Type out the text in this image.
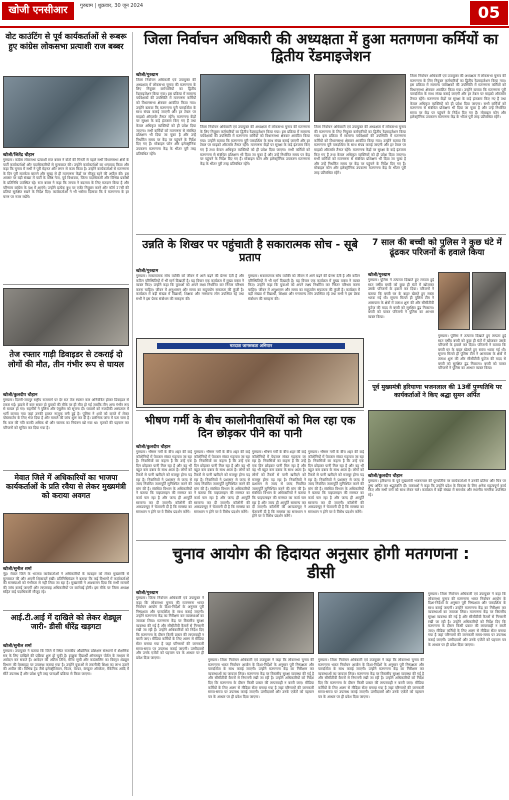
खोजी एनसीआर	गुरुग्राम | शुक्रवार, 30 जून 2024	05
वोट काउंटिंग से पूर्व कार्यकर्ताओं से रूबरू हुए कांग्रेस लोकसभा प्रत्याशी राज बब्बर
खोजी/जितेंद्र चौहान
गुरुग्राम। कांग्रेस लोकसभा प्रत्याशी राज बब्बर ने वोटों की गिनती से पहले सभी विधानसभा क्षेत्रों के पार्टी कार्यकर्ताओं और पदाधिकारियों से मुलाकात की। उन्होंने कार्यकर्ताओं का धन्यवाद किया और कहा कि चुनाव में सभी ने पूरी मेहनत और लगन से काम किया है। उन्होंने कार्यकर्ताओं से मतगणना के दिन पूरी सतर्कता बरतने और सुबह से ही मतगणना केंद्रों पर मौजूद रहने की अपील की। इस अवसर पर बड़ी संख्या में पार्टी के वरिष्ठ नेता, पूर्व विधायक, जिला पदाधिकारी और विभिन्न प्रकोष्ठों के प्रतिनिधि उपस्थित रहे। राज बब्बर ने कहा कि जनता ने बदलाव के लिए मतदान किया है और परिणाम कांग्रेस के पक्ष में आएंगे। उन्होंने प्रत्येक बूथ पर एजेंट नियुक्त करने और फॉर्म 17सी की प्रतियां सुरक्षित रखने के निर्देश दिए। कार्यकर्ताओं ने भी भरोसा दिलाया कि वे मतगणना के हर चरण पर नजर रखेंगे।
तेज रफ्तार गाड़ी डिवाइडर से टकराई दो लोगों की मौत, तीन गंभीर रूप से घायल
खोजी/कुलदीप चौहान
गुरुग्राम। दिल्ली-जयपुर राष्ट्रीय राजमार्ग पर देर रात तेज रफ्तार कार अनियंत्रित होकर डिवाइडर से टकरा गई। हादसे में कार सवार दो युवकों की मौके पर ही मौत हो गई जबकि तीन अन्य गंभीर रूप से घायल हो गए। राहगीरों ने पुलिस और एंबुलेंस को सूचना दी। घायलों को नजदीकी अस्पताल में भर्ती कराया गया जहां उनकी हालत नाजुक बनी हुई है। पुलिस ने शवों को कब्जे में लेकर पोस्टमार्टम के लिए भेज दिया है और मामले की जांच शुरू कर दी है। प्रारंभिक जांच में पता चला है कि कार की गति काफी अधिक थी और चालक का नियंत्रण खो गया था। मृतकों की पहचान कर परिजनों को सूचित कर दिया गया है।
मेवात जिले में अधिकारियों का भाजपा कार्यकर्ताओं के प्रति रवैया से लेकर मुख्यमंत्री को कराया अवगत
खोजी/सुनील शर्मा
नूंह। मेवात जिले के भाजपा कार्यकर्ताओं ने अधिकारियों के व्यवहार को लेकर मुख्यमंत्री से मुलाकात की और अपनी शिकायतें रखीं। प्रतिनिधिमंडल ने बताया कि कई विभागों में कार्यकर्ताओं की समस्याओं को गंभीरता से नहीं लिया जा रहा है। मुख्यमंत्री ने आश्वासन दिया कि सभी मामलों की जांच कराई जाएगी और लापरवाह अधिकारियों पर कार्रवाई होगी। इस मौके पर जिला अध्यक्ष सहित कई पदाधिकारी मौजूद रहे।
आई.टी.आई में दाखिले को लेकर शेड्यूल जारी- डीसी धीरेंद्र खड़गटा
खोजी/सुनील शर्मा
गुरुग्राम। उपायुक्त ने बताया कि जिले में स्थित राजकीय औद्योगिक प्रशिक्षण संस्थानों में शैक्षणिक सत्र के लिए दाखिले की प्रक्रिया शुरू हो चुकी है। इच्छुक विद्यार्थी ऑनलाइन पोर्टल के माध्यम से आवेदन कर सकते हैं। आवेदन की अंतिम तिथि, मेरिट सूची और काउंसलिंग का विस्तृत शेड्यूल विभाग की वेबसाइट पर उपलब्ध कराया गया है। उन्होंने युवाओं से तकनीकी शिक्षा का लाभ उठाने की अपील की। विभिन्न ट्रेड जैसे इलेक्ट्रीशियन, फिटर, वेल्डर, कंप्यूटर ऑपरेटर, मैकेनिक आदि में सीटें उपलब्ध हैं और प्रवेश पूरी तरह पारदर्शी प्रक्रिया से किया जाएगा।
जिला निर्वाचन अधिकारी की अध्यक्षता में हुआ मतगणना कर्मियों का द्वितीय रेंडमाइजेशन
खोजी/गुरुग्राम
जिला निर्वाचन अधिकारी एवं उपायुक्त की अध्यक्षता में लोकसभा चुनाव की मतगणना के लिए नियुक्त कर्मचारियों का द्वितीय रेंडमाइजेशन किया गया। इस प्रक्रिया में सामान्य पर्यवेक्षकों की उपस्थिति में मतगणना कर्मियों को विधानसभा क्षेत्रवार आवंटित किया गया। उन्होंने बताया कि मतगणना पूरी पारदर्शिता के साथ संपन्न कराई जाएगी और हर टेबल पर माइक्रो ऑब्जर्वर तैनात रहेंगे। मतगणना केंद्रों पर सुरक्षा के कड़े इंतजाम किए गए हैं तथा केवल अधिकृत व्यक्तियों को ही प्रवेश दिया जाएगा। सभी कर्मियों को मतगणना से संबंधित प्रशिक्षण भी दिया जा चुका है और उन्हें निर्धारित समय पर केंद्र पर पहुंचने के निर्देश दिए गए हैं। मोबाइल फोन और इलेक्ट्रॉनिक उपकरण मतगणना केंद्र के भीतर पूरी तरह प्रतिबंधित रहेंगे।
जिला निर्वाचन अधिकारी एवं उपायुक्त की अध्यक्षता में लोकसभा चुनाव की मतगणना के लिए नियुक्त कर्मचारियों का द्वितीय रेंडमाइजेशन किया गया। इस प्रक्रिया में सामान्य पर्यवेक्षकों की उपस्थिति में मतगणना कर्मियों को विधानसभा क्षेत्रवार आवंटित किया गया। उन्होंने बताया कि मतगणना पूरी पारदर्शिता के साथ संपन्न कराई जाएगी और हर टेबल पर माइक्रो ऑब्जर्वर तैनात रहेंगे। मतगणना केंद्रों पर सुरक्षा के कड़े इंतजाम किए गए हैं तथा केवल अधिकृत व्यक्तियों को ही प्रवेश दिया जाएगा। सभी कर्मियों को मतगणना से संबंधित प्रशिक्षण भी दिया जा चुका है और उन्हें निर्धारित समय पर केंद्र पर पहुंचने के निर्देश दिए गए हैं। मोबाइल फोन और इलेक्ट्रॉनिक उपकरण मतगणना केंद्र के भीतर पूरी तरह प्रतिबंधित रहेंगे।
जिला निर्वाचन अधिकारी एवं उपायुक्त की अध्यक्षता में लोकसभा चुनाव की मतगणना के लिए नियुक्त कर्मचारियों का द्वितीय रेंडमाइजेशन किया गया। इस प्रक्रिया में सामान्य पर्यवेक्षकों की उपस्थिति में मतगणना कर्मियों को विधानसभा क्षेत्रवार आवंटित किया गया। उन्होंने बताया कि मतगणना पूरी पारदर्शिता के साथ संपन्न कराई जाएगी और हर टेबल पर माइक्रो ऑब्जर्वर तैनात रहेंगे। मतगणना केंद्रों पर सुरक्षा के कड़े इंतजाम किए गए हैं तथा केवल अधिकृत व्यक्तियों को ही प्रवेश दिया जाएगा। सभी कर्मियों को मतगणना से संबंधित प्रशिक्षण भी दिया जा चुका है और उन्हें निर्धारित समय पर केंद्र पर पहुंचने के निर्देश दिए गए हैं। मोबाइल फोन और इलेक्ट्रॉनिक उपकरण मतगणना केंद्र के भीतर पूरी तरह प्रतिबंधित रहेंगे।
जिला निर्वाचन अधिकारी एवं उपायुक्त की अध्यक्षता में लोकसभा चुनाव की मतगणना के लिए नियुक्त कर्मचारियों का द्वितीय रेंडमाइजेशन किया गया। इस प्रक्रिया में सामान्य पर्यवेक्षकों की उपस्थिति में मतगणना कर्मियों को विधानसभा क्षेत्रवार आवंटित किया गया। उन्होंने बताया कि मतगणना पूरी पारदर्शिता के साथ संपन्न कराई जाएगी और हर टेबल पर माइक्रो ऑब्जर्वर तैनात रहेंगे। मतगणना केंद्रों पर सुरक्षा के कड़े इंतजाम किए गए हैं तथा केवल अधिकृत व्यक्तियों को ही प्रवेश दिया जाएगा। सभी कर्मियों को मतगणना से संबंधित प्रशिक्षण भी दिया जा चुका है और उन्हें निर्धारित समय पर केंद्र पर पहुंचने के निर्देश दिए गए हैं। मोबाइल फोन और इलेक्ट्रॉनिक उपकरण मतगणना केंद्र के भीतर पूरी तरह प्रतिबंधित रहेंगे।
उन्नति के शिखर पर पहुंचाती है सकारात्मक सोच - सूबे प्रताप
खोजी/गुरुग्राम
गुरुग्राम। सकारात्मक सोच व्यक्ति को जीवन में आगे बढ़ने की प्रेरणा देती है और कठिन परिस्थितियों में भी मार्ग दिखाती है। यह विचार एक कार्यक्रम में मुख्य वक्ता ने व्यक्त किए। उन्होंने कहा कि युवाओं को अपने लक्ष्य निर्धारित कर निरंतर परिश्रम करना चाहिए। जीवन में अनुशासन और समय का सदुपयोग सफलता की कुंजी है। कार्यक्रम में बड़ी संख्या में विद्यार्थी, शिक्षक और गणमान्य लोग उपस्थित रहे तथा सभी ने इस प्रेरक संबोधन की सराहना की।
गुरुग्राम। सकारात्मक सोच व्यक्ति को जीवन में आगे बढ़ने की प्रेरणा देती है और कठिन परिस्थितियों में भी मार्ग दिखाती है। यह विचार एक कार्यक्रम में मुख्य वक्ता ने व्यक्त किए। उन्होंने कहा कि युवाओं को अपने लक्ष्य निर्धारित कर निरंतर परिश्रम करना चाहिए। जीवन में अनुशासन और समय का सदुपयोग सफलता की कुंजी है। कार्यक्रम में बड़ी संख्या में विद्यार्थी, शिक्षक और गणमान्य लोग उपस्थित रहे तथा सभी ने इस प्रेरक संबोधन की सराहना की।
मतदाता जागरूकता अभियान
7 साल की बच्ची को पुलिस ने कुछ घंटे में ढूंढकर परिजनों के हवाले किया
खोजी/गुरुग्राम
गुरुग्राम। पुलिस ने तत्परता दिखाते हुए लापता हुई सात वर्षीय बच्ची को कुछ ही घंटों में खोजकर उसके परिजनों के हवाले कर दिया। परिजनों ने बताया कि बच्ची घर के बाहर खेलते हुए रास्ता भटक गई थी। सूचना मिलते ही पुलिस टीम ने आसपास के क्षेत्रों में तलाश शुरू की और सीसीटीवी फुटेज की मदद से बच्ची को सुरक्षित ढूंढ निकाला। बच्ची को पाकर परिजनों ने पुलिस का आभार व्यक्त किया।
गुरुग्राम। पुलिस ने तत्परता दिखाते हुए लापता हुई सात वर्षीय बच्ची को कुछ ही घंटों में खोजकर उसके परिजनों के हवाले कर दिया। परिजनों ने बताया कि बच्ची घर के बाहर खेलते हुए रास्ता भटक गई थी। सूचना मिलते ही पुलिस टीम ने आसपास के क्षेत्रों में तलाश शुरू की और सीसीटीवी फुटेज की मदद से बच्ची को सुरक्षित ढूंढ निकाला। बच्ची को पाकर परिजनों ने पुलिस का आभार व्यक्त किया।
पूर्व मुख्यमंत्री हरियाणा भजनलाल की 13वीं पुण्यतिथि पर कार्यकर्ताओं ने किए श्रद्धा सुमन अर्पित
खोजी/कुलदीप चौहान
गुरुग्राम। हरियाणा के पूर्व मुख्यमंत्री भजनलाल की पुण्यतिथि पर कार्यकर्ताओं ने उनकी प्रतिमा और चित्र पर पुष्प अर्पित कर श्रद्धांजलि दी। वक्ताओं ने कहा कि उन्होंने प्रदेश के विकास के लिए अनेक महत्वपूर्ण कार्य किए और सभी वर्गों को साथ लेकर चले। कार्यक्रम में बड़ी संख्या में समर्थक और स्थानीय नागरिक उपस्थित रहे।
भीषण गर्मी के बीच कालोनीवासियों को मिल रहा एक दिन छोड़कर पीने का पानी
खोजी/कुलदीप चौहान
गुरुग्राम। भीषण गर्मी के बीच शहर की कई कॉलोनियों में पेयजल संकट गहराता जा रहा है। निवासियों का कहना है कि उन्हें एक दिन छोड़कर पानी मिल रहा है और वह भी बहुत कम दबाव के साथ आता है। लोगों को टैंकरों से पानी खरीदने को मजबूर होना पड़ रहा है। निवासियों ने प्रशासन से जल्द से जल्द नियमित जलापूर्ति सुनिश्चित करने की मांग की है। संबंधित विभाग के अधिकारियों ने बताया कि पाइपलाइन की मरम्मत का कार्य चल रहा है और जल्द ही आपूर्ति सामान्य कर दी जाएगी। कॉलोनी की आरडब्ल्यूए ने चेतावनी दी है कि समस्या का समाधान न होने पर वे विरोध प्रदर्शन करेंगे।
गुरुग्राम। भीषण गर्मी के बीच शहर की कई कॉलोनियों में पेयजल संकट गहराता जा रहा है। निवासियों का कहना है कि उन्हें एक दिन छोड़कर पानी मिल रहा है और वह भी बहुत कम दबाव के साथ आता है। लोगों को टैंकरों से पानी खरीदने को मजबूर होना पड़ रहा है। निवासियों ने प्रशासन से जल्द से जल्द नियमित जलापूर्ति सुनिश्चित करने की मांग की है। संबंधित विभाग के अधिकारियों ने बताया कि पाइपलाइन की मरम्मत का कार्य चल रहा है और जल्द ही आपूर्ति सामान्य कर दी जाएगी। कॉलोनी की आरडब्ल्यूए ने चेतावनी दी है कि समस्या का समाधान न होने पर वे विरोध प्रदर्शन करेंगे।
गुरुग्राम। भीषण गर्मी के बीच शहर की कई कॉलोनियों में पेयजल संकट गहराता जा रहा है। निवासियों का कहना है कि उन्हें एक दिन छोड़कर पानी मिल रहा है और वह भी बहुत कम दबाव के साथ आता है। लोगों को टैंकरों से पानी खरीदने को मजबूर होना पड़ रहा है। निवासियों ने प्रशासन से जल्द से जल्द नियमित जलापूर्ति सुनिश्चित करने की मांग की है। संबंधित विभाग के अधिकारियों ने बताया कि पाइपलाइन की मरम्मत का कार्य चल रहा है और जल्द ही आपूर्ति सामान्य कर दी जाएगी। कॉलोनी की आरडब्ल्यूए ने चेतावनी दी है कि समस्या का समाधान न होने पर वे विरोध प्रदर्शन करेंगे।
गुरुग्राम। भीषण गर्मी के बीच शहर की कई कॉलोनियों में पेयजल संकट गहराता जा रहा है। निवासियों का कहना है कि उन्हें एक दिन छोड़कर पानी मिल रहा है और वह भी बहुत कम दबाव के साथ आता है। लोगों को टैंकरों से पानी खरीदने को मजबूर होना पड़ रहा है। निवासियों ने प्रशासन से जल्द से जल्द नियमित जलापूर्ति सुनिश्चित करने की मांग की है। संबंधित विभाग के अधिकारियों ने बताया कि पाइपलाइन की मरम्मत का कार्य चल रहा है और जल्द ही आपूर्ति सामान्य कर दी जाएगी। कॉलोनी की आरडब्ल्यूए ने चेतावनी दी है कि समस्या का समाधान न होने पर वे विरोध प्रदर्शन करेंगे।
चुनाव आयोग की हिदायत अनुसार होगी मतगणना : डीसी
खोजी/गुरुग्राम
गुरुग्राम। जिला निर्वाचन अधिकारी एवं उपायुक्त ने कहा कि लोकसभा चुनाव की मतगणना भारत निर्वाचन आयोग के दिशा-निर्देशों के अनुसार पूरी निष्पक्षता और पारदर्शिता के साथ कराई जाएगी। उन्होंने मतगणना केंद्र का निरीक्षण कर व्यवस्थाओं का जायजा लिया। मतगणना केंद्र पर त्रिस्तरीय सुरक्षा व्यवस्था की गई है और सीसीटीवी कैमरों से निगरानी रखी जा रही है। उन्होंने अधिकारियों को निर्देश दिए कि मतगणना के दौरान किसी प्रकार की लापरवाही न बरती जाए। मीडिया कर्मियों के लिए अलग से मीडिया सेंटर बनाया गया है जहां परिणामों की जानकारी समय-समय पर उपलब्ध कराई जाएगी। उम्मीदवारों और उनके एजेंटों को पहचान पत्र के आधार पर ही प्रवेश दिया जाएगा।
गुरुग्राम। जिला निर्वाचन अधिकारी एवं उपायुक्त ने कहा कि लोकसभा चुनाव की मतगणना भारत निर्वाचन आयोग के दिशा-निर्देशों के अनुसार पूरी निष्पक्षता और पारदर्शिता के साथ कराई जाएगी। उन्होंने मतगणना केंद्र का निरीक्षण कर व्यवस्थाओं का जायजा लिया। मतगणना केंद्र पर त्रिस्तरीय सुरक्षा व्यवस्था की गई है और सीसीटीवी कैमरों से निगरानी रखी जा रही है। उन्होंने अधिकारियों को निर्देश दिए कि मतगणना के दौरान किसी प्रकार की लापरवाही न बरती जाए। मीडिया कर्मियों के लिए अलग से मीडिया सेंटर बनाया गया है जहां परिणामों की जानकारी समय-समय पर उपलब्ध कराई जाएगी। उम्मीदवारों और उनके एजेंटों को पहचान पत्र के आधार पर ही प्रवेश दिया जाएगा।
गुरुग्राम। जिला निर्वाचन अधिकारी एवं उपायुक्त ने कहा कि लोकसभा चुनाव की मतगणना भारत निर्वाचन आयोग के दिशा-निर्देशों के अनुसार पूरी निष्पक्षता और पारदर्शिता के साथ कराई जाएगी। उन्होंने मतगणना केंद्र का निरीक्षण कर व्यवस्थाओं का जायजा लिया। मतगणना केंद्र पर त्रिस्तरीय सुरक्षा व्यवस्था की गई है और सीसीटीवी कैमरों से निगरानी रखी जा रही है। उन्होंने अधिकारियों को निर्देश दिए कि मतगणना के दौरान किसी प्रकार की लापरवाही न बरती जाए। मीडिया कर्मियों के लिए अलग से मीडिया सेंटर बनाया गया है जहां परिणामों की जानकारी समय-समय पर उपलब्ध कराई जाएगी। उम्मीदवारों और उनके एजेंटों को पहचान पत्र के आधार पर ही प्रवेश दिया जाएगा।
गुरुग्राम। जिला निर्वाचन अधिकारी एवं उपायुक्त ने कहा कि लोकसभा चुनाव की मतगणना भारत निर्वाचन आयोग के दिशा-निर्देशों के अनुसार पूरी निष्पक्षता और पारदर्शिता के साथ कराई जाएगी। उन्होंने मतगणना केंद्र का निरीक्षण कर व्यवस्थाओं का जायजा लिया। मतगणना केंद्र पर त्रिस्तरीय सुरक्षा व्यवस्था की गई है और सीसीटीवी कैमरों से निगरानी रखी जा रही है। उन्होंने अधिकारियों को निर्देश दिए कि मतगणना के दौरान किसी प्रकार की लापरवाही न बरती जाए। मीडिया कर्मियों के लिए अलग से मीडिया सेंटर बनाया गया है जहां परिणामों की जानकारी समय-समय पर उपलब्ध कराई जाएगी। उम्मीदवारों और उनके एजेंटों को पहचान पत्र के आधार पर ही प्रवेश दिया जाएगा।
